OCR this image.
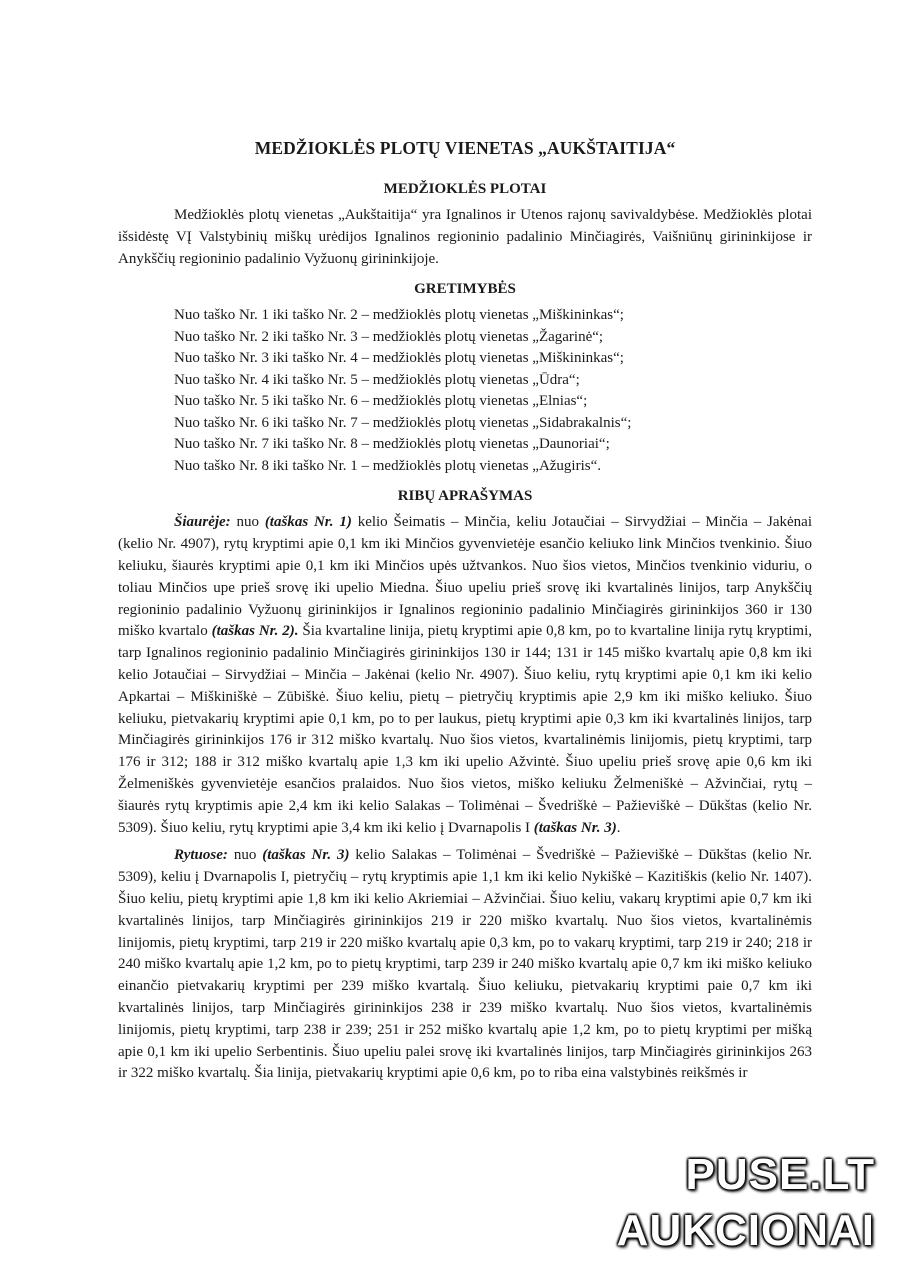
MEDŽIOKLĖS PLOTŲ VIENETAS „AUKŠTAITIJA“
MEDŽIOKLĖS PLOTAI

Medžioklės plotų vienetas „Aukštaitija“ yra Ignalinos ir Utenos rajonų savivaldybėse. Medžioklės plotai išsidėstę VĮ Valstybinių miškų urėdijos Ignalinos regioninio padalinio Minčiagirės, Vaišniūnų girininkijose ir Anykščių regioninio padalinio Vyžuonų girininkijoje.

GRETIMYBĖS
Nuo taško Nr. 1 iki taško Nr. 2 – medžioklės plotų vienetas „Miškininkas“;
Nuo taško Nr. 2 iki taško Nr. 3 – medžioklės plotų vienetas „Žagarinė“;
Nuo taško Nr. 3 iki taško Nr. 4 – medžioklės plotų vienetas „Miškininkas“;
Nuo taško Nr. 4 iki taško Nr. 5 – medžioklės plotų vienetas „Ūdra“;
Nuo taško Nr. 5 iki taško Nr. 6 – medžioklės plotų vienetas „Elnias“;
Nuo taško Nr. 6 iki taško Nr. 7 – medžioklės plotų vienetas „Sidabrakalnis“;
Nuo taško Nr. 7 iki taško Nr. 8 – medžioklės plotų vienetas „Daunoriai“;
Nuo taško Nr. 8 iki taško Nr. 1 – medžioklės plotų vienetas „Ažugiris“.
RIBŲ APRAŠYMAS

Šiaurėje: nuo (taškas Nr. 1) kelio Šeimatis – Minčia, keliu Jotaučiai – Sirvydžiai – Minčia – Jakėnai (kelio Nr. 4907), rytų kryptimi apie 0,1 km iki Minčios gyvenvietėje esančio keliuko link Minčios tvenkinio. Šiuo keliuku, šiaurės kryptimi apie 0,1 km iki Minčios upės užtvankos. Nuo šios vietos, Minčios tvenkinio viduriu, o toliau Minčios upe prieš srovę iki upelio Miedna. Šiuo upeliu prieš srovę iki kvartalinės linijos, tarp Anykščių regioninio padalinio Vyžuonų girininkijos ir Ignalinos regioninio padalinio Minčiagirės girininkijos 360 ir 130 miško kvartalo (taškas Nr. 2). Šia kvartaline linija, pietų kryptimi apie 0,8 km, po to kvartaline linija rytų kryptimi, tarp Ignalinos regioninio padalinio Minčiagirės girininkijos 130 ir 144; 131 ir 145 miško kvartalų apie 0,8 km iki kelio Jotaučiai – Sirvydžiai – Minčia – Jakėnai (kelio Nr. 4907). Šiuo keliu, rytų kryptimi apie 0,1 km iki kelio Apkartai – Miškiniškė – Zūbiškė. Šiuo keliu, pietų – pietryčių kryptimis apie 2,9 km iki miško keliuko. Šiuo keliuku, pietvakarių kryptimi apie 0,1 km, po to per laukus, pietų kryptimi apie 0,3 km iki kvartalinės linijos, tarp Minčiagirės girininkijos 176 ir 312 miško kvartalų. Nuo šios vietos, kvartalinėmis linijomis, pietų kryptimi, tarp 176 ir 312; 188 ir 312 miško kvartalų apie 1,3 km iki upelio Ažvintė. Šiuo upeliu prieš srovę apie 0,6 km iki Želmeniškės gyvenvietėje esančios pralaidos. Nuo šios vietos, miško keliuku Želmeniškė – Ažvinčiai, rytų – šiaurės rytų kryptimis apie 2,4 km iki kelio Salakas – Tolimėnai – Švedriškė – Pažieviškė – Dūkštas (kelio Nr. 5309). Šiuo keliu, rytų kryptimi apie 3,4 km iki kelio į Dvarnapolis I (taškas Nr. 3).

Rytuose: nuo (taškas Nr. 3) kelio Salakas – Tolimėnai – Švedriškė – Pažieviškė – Dūkštas (kelio Nr. 5309), keliu į Dvarnapolis I, pietryčių – rytų kryptimis apie 1,1 km iki kelio Nykiškė – Kazitiškis (kelio Nr. 1407). Šiuo keliu, pietų kryptimi apie 1,8 km iki kelio Akriemiai – Ažvinčiai. Šiuo keliu, vakarų kryptimi apie 0,7 km iki kvartalinės linijos, tarp Minčiagirės girininkijos 219 ir 220 miško kvartalų. Nuo šios vietos, kvartalinėmis linijomis, pietų kryptimi, tarp 219 ir 220 miško kvartalų apie 0,3 km, po to vakarų kryptimi, tarp 219 ir 240; 218 ir 240 miško kvartalų apie 1,2 km, po to pietų kryptimi, tarp 239 ir 240 miško kvartalų apie 0,7 km iki miško keliuko einančio pietvakarių kryptimi per 239 miško kvartalą. Šiuo keliuku, pietvakarių kryptimi paie 0,7 km iki kvartalinės linijos, tarp Minčiagirės girininkijos 238 ir 239 miško kvartalų. Nuo šios vietos, kvartalinėmis linijomis, pietų kryptimi, tarp 238 ir 239; 251 ir 252 miško kvartalų apie 1,2 km, po to pietų kryptimi per mišką apie 0,1 km iki upelio Serbentinis. Šiuo upeliu palei srovę iki kvartalinės linijos, tarp Minčiagirės girininkijos 263 ir 322 miško kvartalų. Šia linija, pietvakarių kryptimi apie 0,6 km, po to riba eina valstybinės reikšmės ir

PUSE.LT
AUKCIONAI
